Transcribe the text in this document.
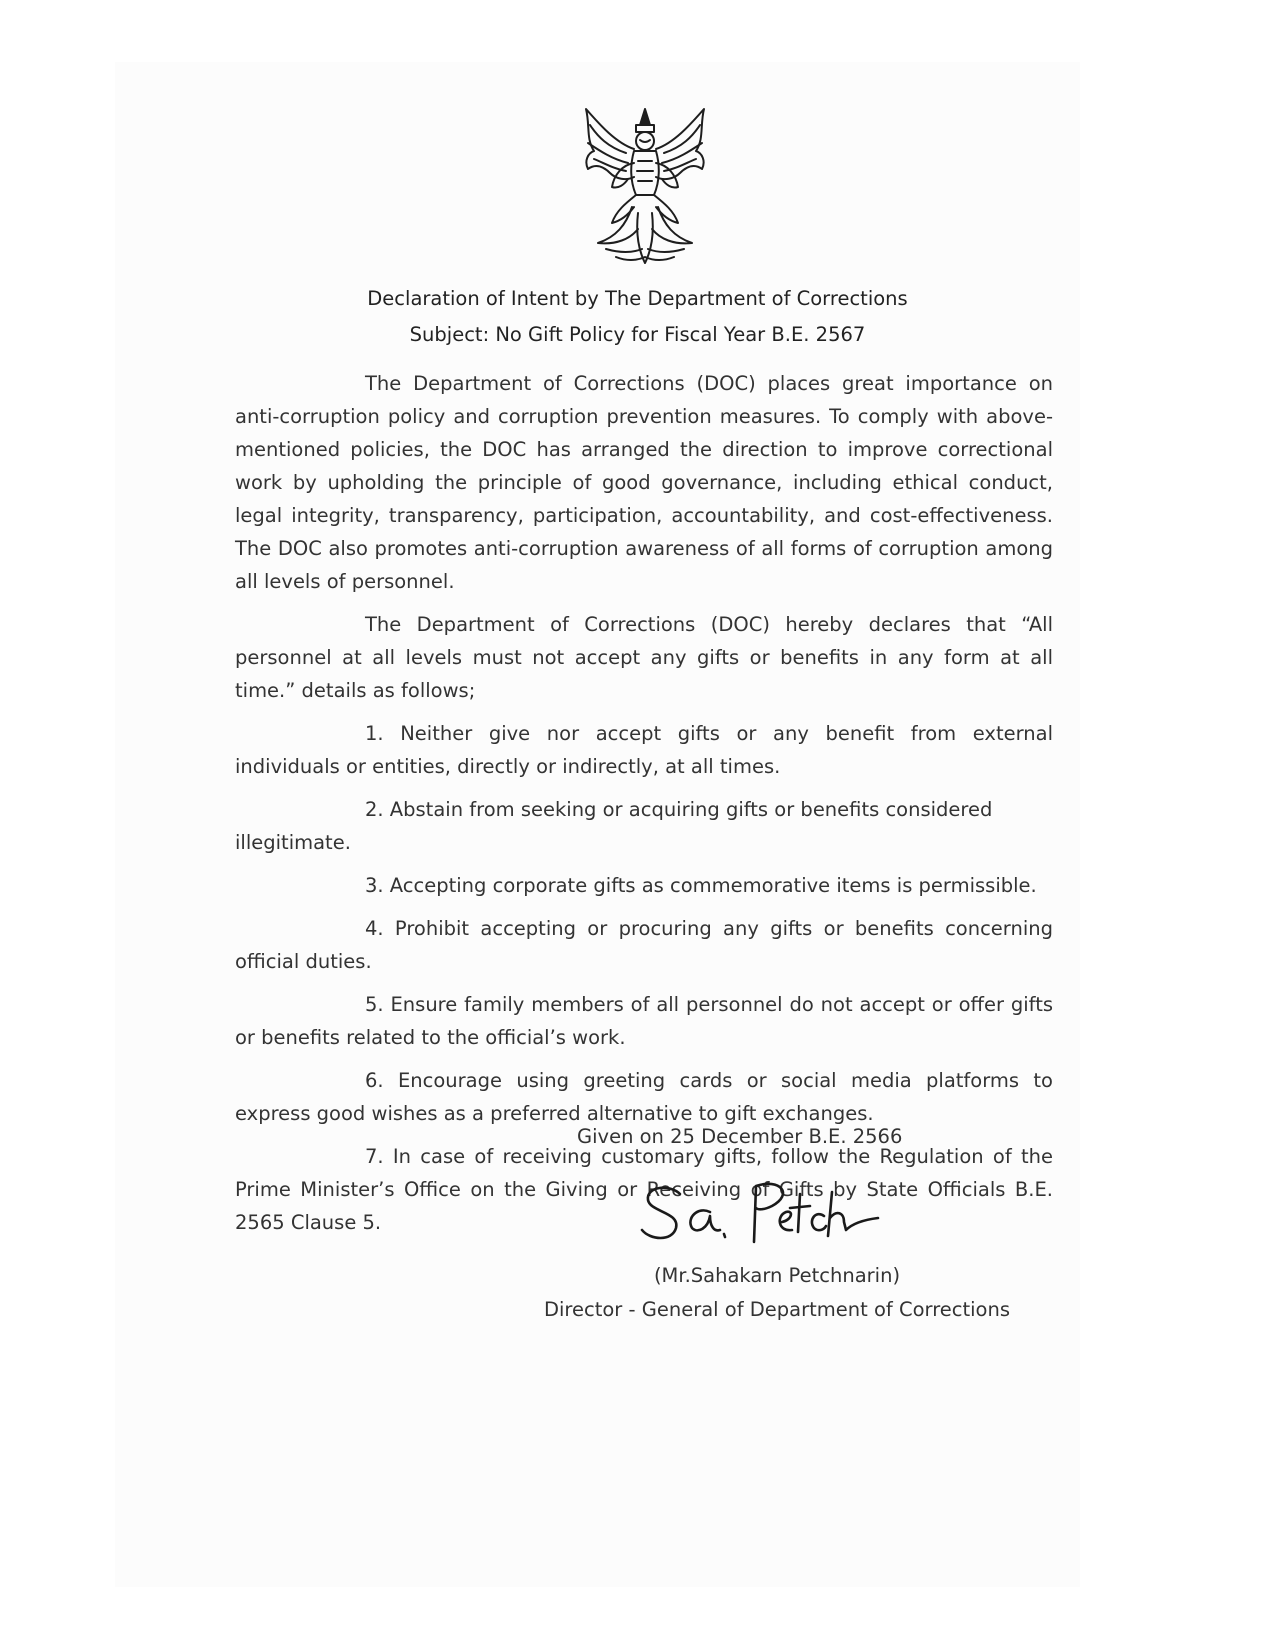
Declaration of Intent by The Department of Corrections
Subject: No Gift Policy for Fiscal Year B.E. 2567

The Department of Corrections (DOC) places great importance on anti-corruption policy and corruption prevention measures. To comply with above-mentioned policies, the DOC has arranged the direction to improve correctional work by upholding the principle of good governance, including ethical conduct, legal integrity, transparency, participation, accountability, and cost-effectiveness. The DOC also promotes anti-corruption awareness of all forms of corruption among all levels of personnel.

The Department of Corrections (DOC) hereby declares that “All personnel at all levels must not accept any gifts or benefits in any form at all time.” details as follows;

1. Neither give nor accept gifts or any benefit from external individuals or entities, directly or indirectly, at all times.

2. Abstain from seeking or acquiring gifts or benefits considered illegitimate.

3. Accepting corporate gifts as commemorative items is permissible.

4. Prohibit accepting or procuring any gifts or benefits concerning official duties.

5. Ensure family members of all personnel do not accept or offer gifts or benefits related to the official’s work.

6. Encourage using greeting cards or social media platforms to express good wishes as a preferred alternative to gift exchanges.

7. In case of receiving customary gifts, follow the Regulation of the Prime Minister’s Office on the Giving or Receiving of Gifts by State Officials B.E. 2565 Clause 5.

Given on 25 December B.E. 2566
(Mr.Sahakarn Petchnarin)
Director - General of Department of Corrections
